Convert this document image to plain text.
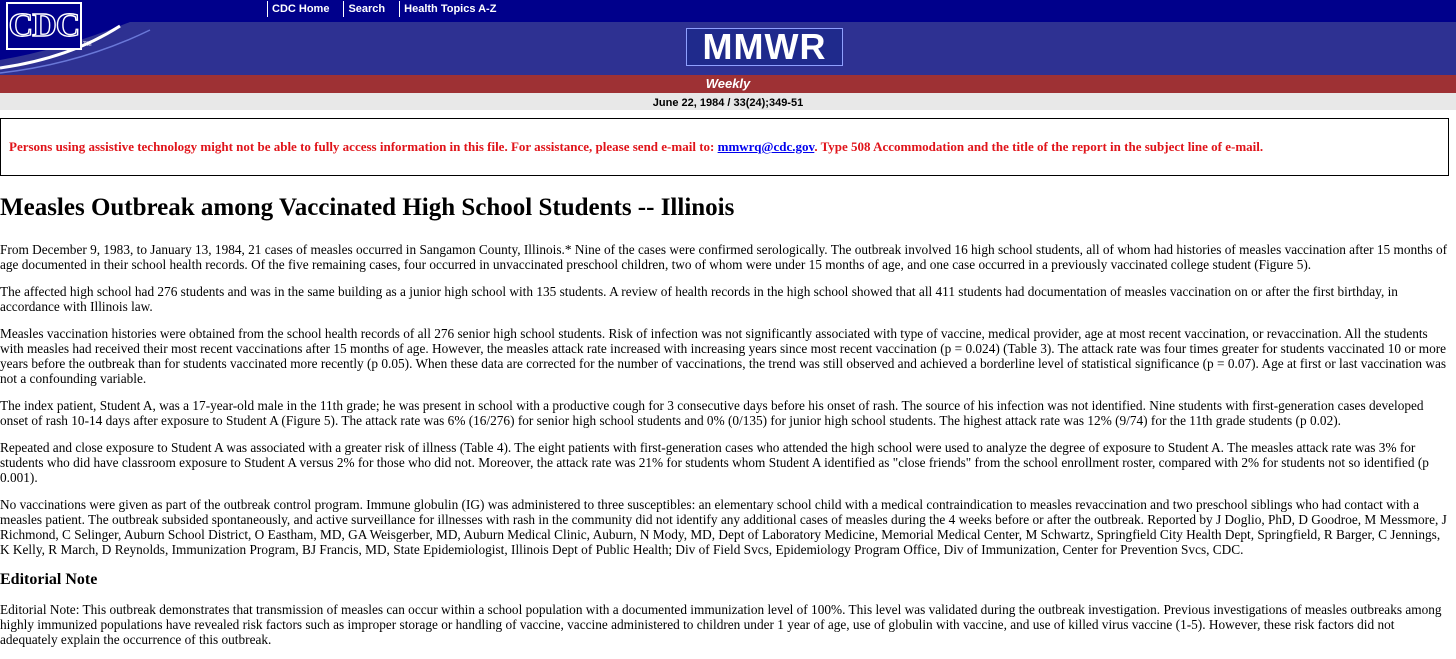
CDC
TM
CDC Home	Search	Health Topics A-Z
MMWR
Weekly
June 22, 1984 / 33(24);349-51
Persons using assistive technology might not be able to fully access information in this file. For assistance, please send e-mail to: mmwrq@cdc.gov. Type 508 Accommodation and the title of the report in the subject line of e-mail.
Measles Outbreak among Vaccinated High School Students -- Illinois

From December 9, 1983, to January 13, 1984, 21 cases of measles occurred in Sangamon County, Illinois.* Nine of the cases were confirmed serologically. The outbreak involved 16 high school students, all of whom had histories of measles vaccination after 15 months of age documented in their school health records. Of the five remaining cases, four occurred in unvaccinated preschool children, two of whom were under 15 months of age, and one case occurred in a previously vaccinated college student (Figure 5).

The affected high school had 276 students and was in the same building as a junior high school with 135 students. A review of health records in the high school showed that all 411 students had documentation of measles vaccination on or after the first birthday, in accordance with Illinois law.

Measles vaccination histories were obtained from the school health records of all 276 senior high school students. Risk of infection was not significantly associated with type of vaccine, medical provider, age at most recent vaccination, or revaccination. All the students with measles had received their most recent vaccinations after 15 months of age. However, the measles attack rate increased with increasing years since most recent vaccination (p = 0.024) (Table 3). The attack rate was four times greater for students vaccinated 10 or more years before the outbreak than for students vaccinated more recently (p 0.05). When these data are corrected for the number of vaccinations, the trend was still observed and achieved a borderline level of statistical significance (p = 0.07). Age at first or last vaccination was not a confounding variable.

The index patient, Student A, was a 17-year-old male in the 11th grade; he was present in school with a productive cough for 3 consecutive days before his onset of rash. The source of his infection was not identified. Nine students with first-generation cases developed onset of rash 10-14 days after exposure to Student A (Figure 5). The attack rate was 6% (16/276) for senior high school students and 0% (0/135) for junior high school students. The highest attack rate was 12% (9/74) for the 11th grade students (p 0.02).

Repeated and close exposure to Student A was associated with a greater risk of illness (Table 4). The eight patients with first-generation cases who attended the high school were used to analyze the degree of exposure to Student A. The measles attack rate was 3% for students who did have classroom exposure to Student A versus 2% for those who did not. Moreover, the attack rate was 21% for students whom Student A identified as "close friends" from the school enrollment roster, compared with 2% for students not so identified (p 0.001).

No vaccinations were given as part of the outbreak control program. Immune globulin (IG) was administered to three susceptibles: an elementary school child with a medical contraindication to measles revaccination and two preschool siblings who had contact with a measles patient. The outbreak subsided spontaneously, and active surveillance for illnesses with rash in the community did not identify any additional cases of measles during the 4 weeks before or after the outbreak. Reported by J Doglio, PhD, D Goodroe, M Messmore, J Richmond, C Selinger, Auburn School District, O Eastham, MD, GA Weisgerber, MD, Auburn Medical Clinic, Auburn, N Mody, MD, Dept of Laboratory Medicine, Memorial Medical Center, M Schwartz, Springfield City Health Dept, Springfield, R Barger, C Jennings, K Kelly, R March, D Reynolds, Immunization Program, BJ Francis, MD, State Epidemiologist, Illinois Dept of Public Health; Div of Field Svcs, Epidemiology Program Office, Div of Immunization, Center for Prevention Svcs, CDC.

Editorial Note

Editorial Note: This outbreak demonstrates that transmission of measles can occur within a school population with a documented immunization level of 100%. This level was validated during the outbreak investigation. Previous investigations of measles outbreaks among highly immunized populations have revealed risk factors such as improper storage or handling of vaccine, vaccine administered to children under 1 year of age, use of globulin with vaccine, and use of killed virus vaccine (1-5). However, these risk factors did not adequately explain the occurrence of this outbreak.
